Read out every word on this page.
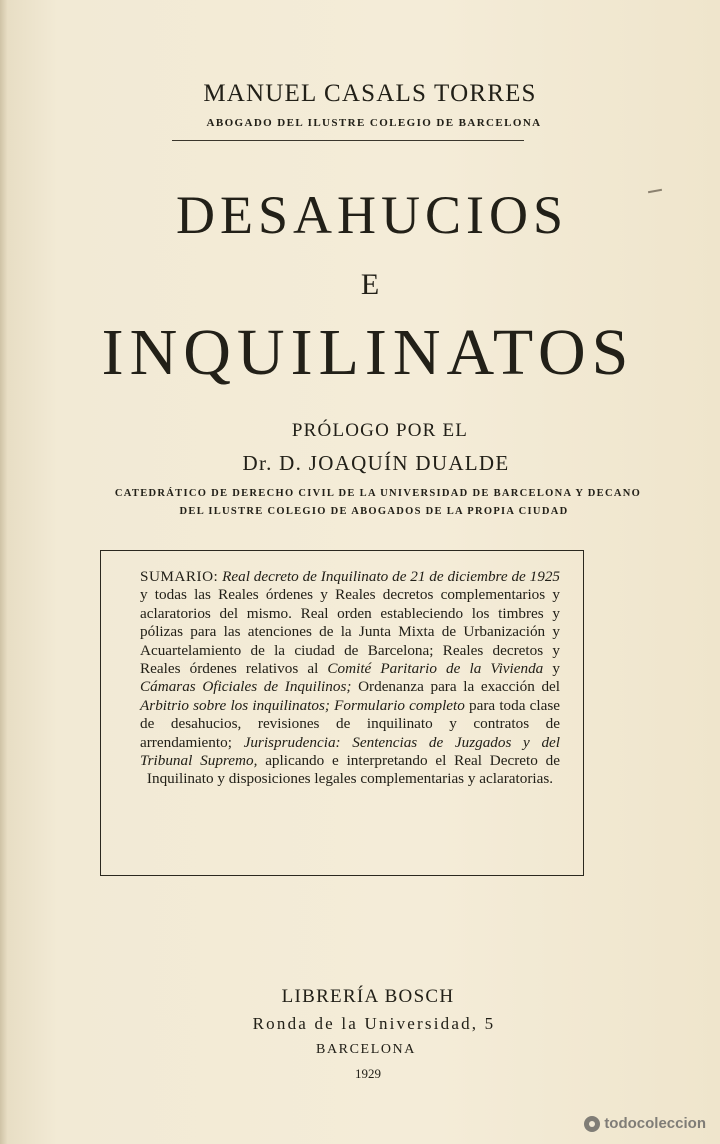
MANUEL CASALS TORRES
ABOGADO DEL ILUSTRE COLEGIO DE BARCELONA
DESAHUCIOS
E
INQUILINATOS
PRÓLOGO POR EL
Dr. D. JOAQUÍN DUALDE
CATEDRÁTICO DE DERECHO CIVIL DE LA UNIVERSIDAD DE BARCELONA Y DECANO
DEL ILUSTRE COLEGIO DE ABOGADOS DE LA PROPIA CIUDAD
SUMARIO: Real decreto de Inquilinato de 21 de diciembre de 1925 y todas las Reales órdenes y Reales decretos complementarios y aclaratorios del mismo. Real orden estableciendo los timbres y pólizas para las atenciones de la Junta Mixta de Urbanización y Acuartelamiento de la ciudad de Barcelona; Reales decretos y Reales órdenes relativos al Comité Paritario de la Vivienda y Cámaras Oficiales de Inquilinos; Ordenanza para la exacción del Arbitrio sobre los inquilinatos; Formulario completo para toda clase de desahucios, revisiones de inquilinato y contratos de arrendamiento; Jurisprudencia: Sentencias de Juzgados y del Tribunal Supremo, aplicando e interpretando el Real Decreto de Inquilinato y disposiciones legales complementarias y aclaratorias.
LIBRERÍA BOSCH
Ronda de la Universidad, 5
BARCELONA
1929
todocoleccion
